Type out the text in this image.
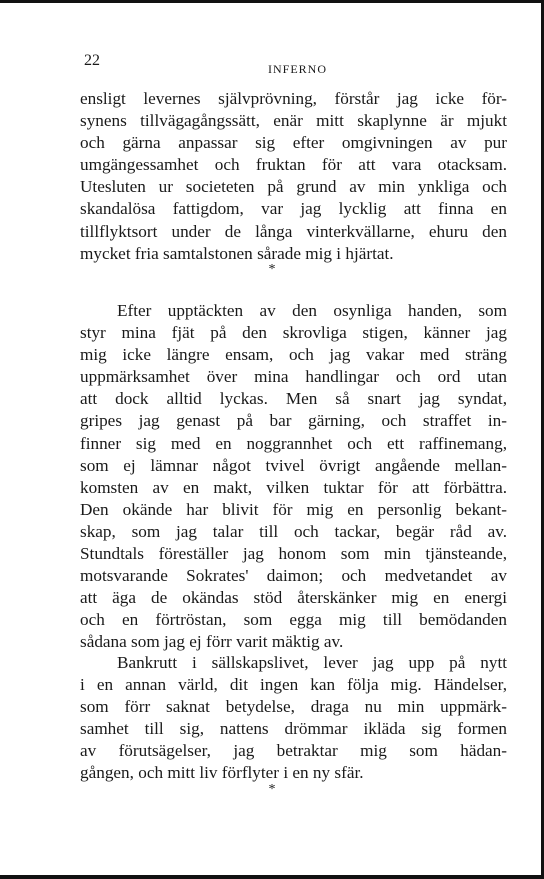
22	INFERNO
ensligt levernes självprövning, förstår jag icke för-
synens tillvägagångssätt, enär mitt skaplynne är mjukt
och gärna anpassar sig efter omgivningen av pur
umgängessamhet och fruktan för att vara otacksam.
Utesluten ur societeten på grund av min ynkliga och
skandalösa fattigdom, var jag lycklig att finna en
tillflyktsort under de långa vinterkvällarne, ehuru den
mycket fria samtalstonen sårade mig i hjärtat.
*
Efter upptäckten av den osynliga handen, som
styr mina fjät på den skrovliga stigen, känner jag
mig icke längre ensam, och jag vakar med sträng
uppmärksamhet över mina handlingar och ord utan
att dock alltid lyckas. Men så snart jag syndat,
gripes jag genast på bar gärning, och straffet in-
finner sig med en noggrannhet och ett raffinemang,
som ej lämnar något tvivel övrigt angående mellan-
komsten av en makt, vilken tuktar för att förbättra.
Den okände har blivit för mig en personlig bekant-
skap, som jag talar till och tackar, begär råd av.
Stundtals föreställer jag honom som min tjänsteande,
motsvarande Sokrates' daimon; och medvetandet av
att äga de okändas stöd återskänker mig en energi
och en förtröstan, som egga mig till bemödanden
sådana som jag ej förr varit mäktig av.
Bankrutt i sällskapslivet, lever jag upp på nytt
i en annan värld, dit ingen kan följa mig. Händelser,
som förr saknat betydelse, draga nu min uppmärk-
samhet till sig, nattens drömmar ikläda sig formen
av förutsägelser, jag betraktar mig som hädan-
gången, och mitt liv förflyter i en ny sfär.
*
